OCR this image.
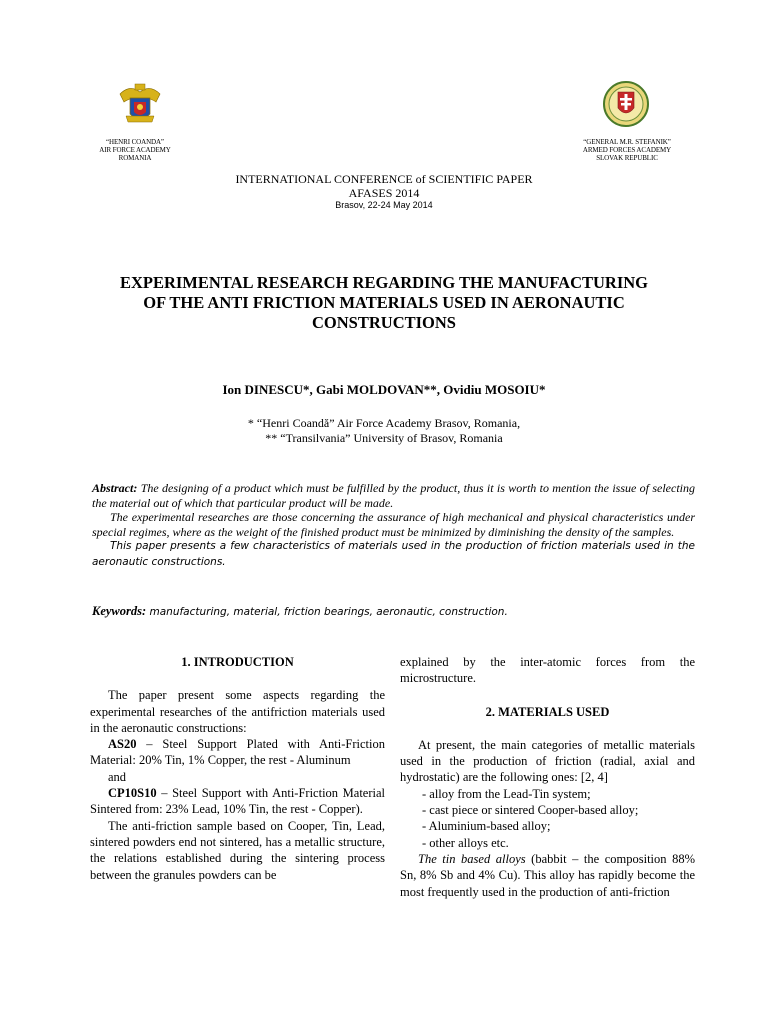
“HENRI COANDA”
AIR FORCE ACADEMY
ROMANIA
“GENERAL M.R. STEFANIK”
ARMED FORCES ACADEMY
SLOVAK REPUBLIC
INTERNATIONAL CONFERENCE of SCIENTIFIC PAPER
AFASES 2014
Brasov, 22-24 May 2014
EXPERIMENTAL RESEARCH REGARDING THE MANUFACTURING
OF THE ANTI FRICTION MATERIALS USED IN AERONAUTIC
CONSTRUCTIONS
Ion DINESCU*, Gabi MOLDOVAN**, Ovidiu MOSOIU*
* “Henri Coandă” Air Force Academy Brasov, Romania,
** “Transilvania” University of Brasov, Romania

Abstract: The designing of a product which must be fulfilled by the product, thus it is worth to mention the issue of selecting the material out of which that particular product will be made.

The experimental researches are those concerning the assurance of high mechanical and physical characteristics under special regimes, where as the weight of the finished product must be minimized by diminishing the density of the samples.

This paper presents a few characteristics of materials used in the production of friction materials used in the aeronautic constructions.

Keywords: manufacturing, material, friction bearings, aeronautic, construction.
1. INTRODUCTION

The paper present some aspects regarding the experimental researches of the antifriction materials used in the aeronautic constructions:

AS20 – Steel Support Plated with Anti-Friction Material: 20% Tin, 1% Copper, the rest - Aluminum

and

CP10S10 – Steel Support with Anti-Friction Material Sintered from: 23% Lead, 10% Tin, the rest - Copper).

The anti-friction sample based on Cooper, Tin, Lead, sintered powders end not sintered, has a metallic structure, the relations established during the sintering process between the granules powders can be

explained by the inter-atomic forces from the microstructure.

2. MATERIALS USED

At present, the main categories of metallic materials used in the production of friction (radial, axial and hydrostatic) are the following ones: [2, 4]

- alloy from the Lead-Tin system;

- cast piece or sintered Cooper-based alloy;

- Aluminium-based alloy;

- other alloys etc.

The tin based alloys (babbit – the composition 88% Sn, 8% Sb and 4% Cu). This alloy has rapidly become the most frequently used in the production of anti-friction
